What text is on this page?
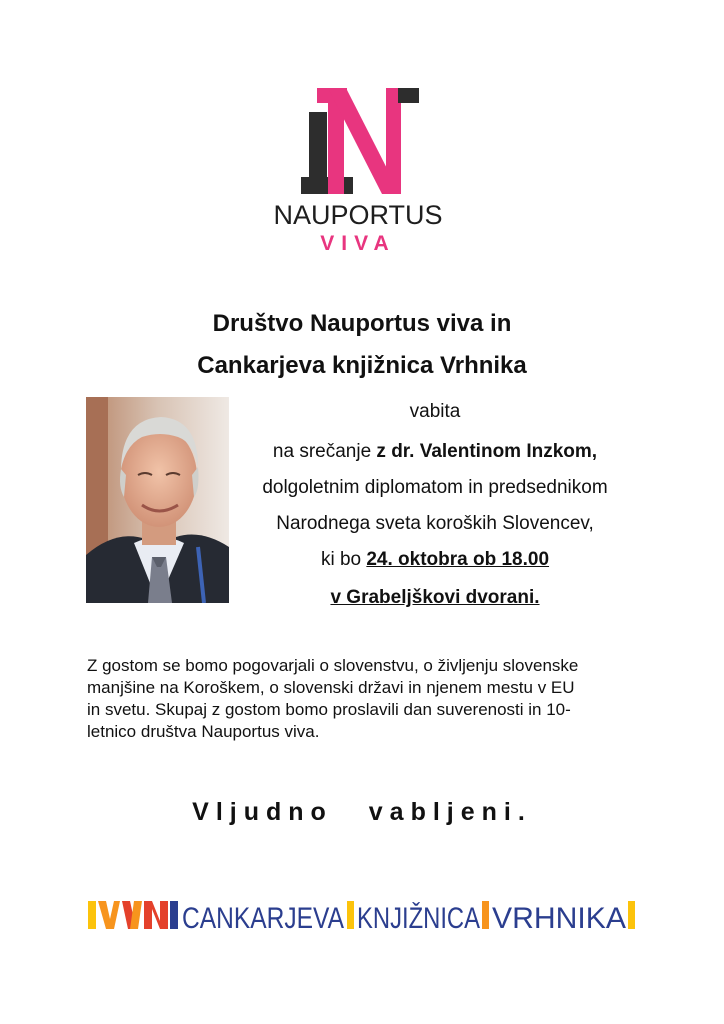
NAUPORTUS
VIVA
Društvo Nauportus viva in
Cankarjeva knjižnica Vrhnika
vabita
na srečanje z dr. Valentinom Inzkom,
dolgoletnim diplomatom in predsednikom
Narodnega sveta koroških Slovencev,
ki bo 24. oktobra ob 18.00
v Grabeljškovi dvorani.
Z gostom se bomo pogovarjali o slovenstvu, o življenju slovenske
manjšine na Koroškem, o slovenski državi in njenem mestu v EU
in svetu. Skupaj z gostom bomo proslavili dan suverenosti in 10-
letnico društva Nauportus viva.
Vljudno vabljeni.
CANKARJEVA KNJIŽNICA VRHNIKA
